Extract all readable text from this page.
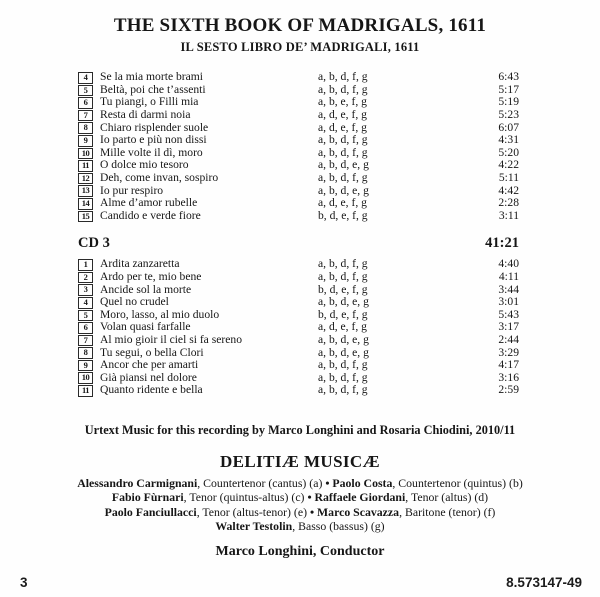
THE SIXTH BOOK OF MADRIGALS, 1611
IL SESTO LIBRO DE’ MADRIGALI, 1611
4	Se la mia morte brami	a, b, d, f, g	6:43
5	Beltà, poi che t’assenti	a, b, d, f, g	5:17
6	Tu piangi, o Filli mia	a, b, e, f, g	5:19
7	Resta di darmi noia	a, d, e, f, g	5:23
8	Chiaro risplender suole	a, d, e, f, g	6:07
9	Io parto e più non dissi	a, b, d, f, g	4:31
10 Mille volte il dì, moro	a, b, d, f, g	5:20
11 O dolce mio tesoro	a, b, d, e, g	4:22
12 Deh, come invan, sospiro	a, b, d, f, g	5:11
13 Io pur respiro	a, b, d, e, g	4:42
14 Alme d’amor rubelle	a, d, e, f, g	2:28
15 Candido e verde fiore	b, d, e, f, g	3:11
CD 3	41:21
1	Ardita zanzaretta	a, b, d, f, g	4:40
2	Ardo per te, mio bene	a, b, d, f, g	4:11
3	Ancide sol la morte	b, d, e, f, g	3:44
4	Quel no crudel	a, b, d, e, g	3:01
5	Moro, lasso, al mio duolo	b, d, e, f, g	5:43
6	Volan quasi farfalle	a, d, e, f, g	3:17
7	Al mio gioir il ciel si fa sereno	a, b, d, e, g	2:44
8	Tu segui, o bella Clori	a, b, d, e, g	3:29
9	Ancor che per amarti	a, b, d, f, g	4:17
10 Già piansi nel dolore	a, b, d, f, g	3:16
11 Quanto ridente e bella	a, b, d, f, g	2:59

Urtext Music for this recording by Marco Longhini and Rosaria Chiodini, 2010/11

DELITIÆ MUSICÆ

Alessandro Carmignani, Countertenor (cantus) (a) • Paolo Costa, Countertenor (quintus) (b)

Fabio Fùrnari, Tenor (quintus-altus) (c) • Raffaele Giordani, Tenor (altus) (d)

Paolo Fanciullacci, Tenor (altus-tenor) (e) • Marco Scavazza, Baritone (tenor) (f)

Walter Testolin, Basso (bassus) (g)

Marco Longhini, Conductor

3	8.573147-49
